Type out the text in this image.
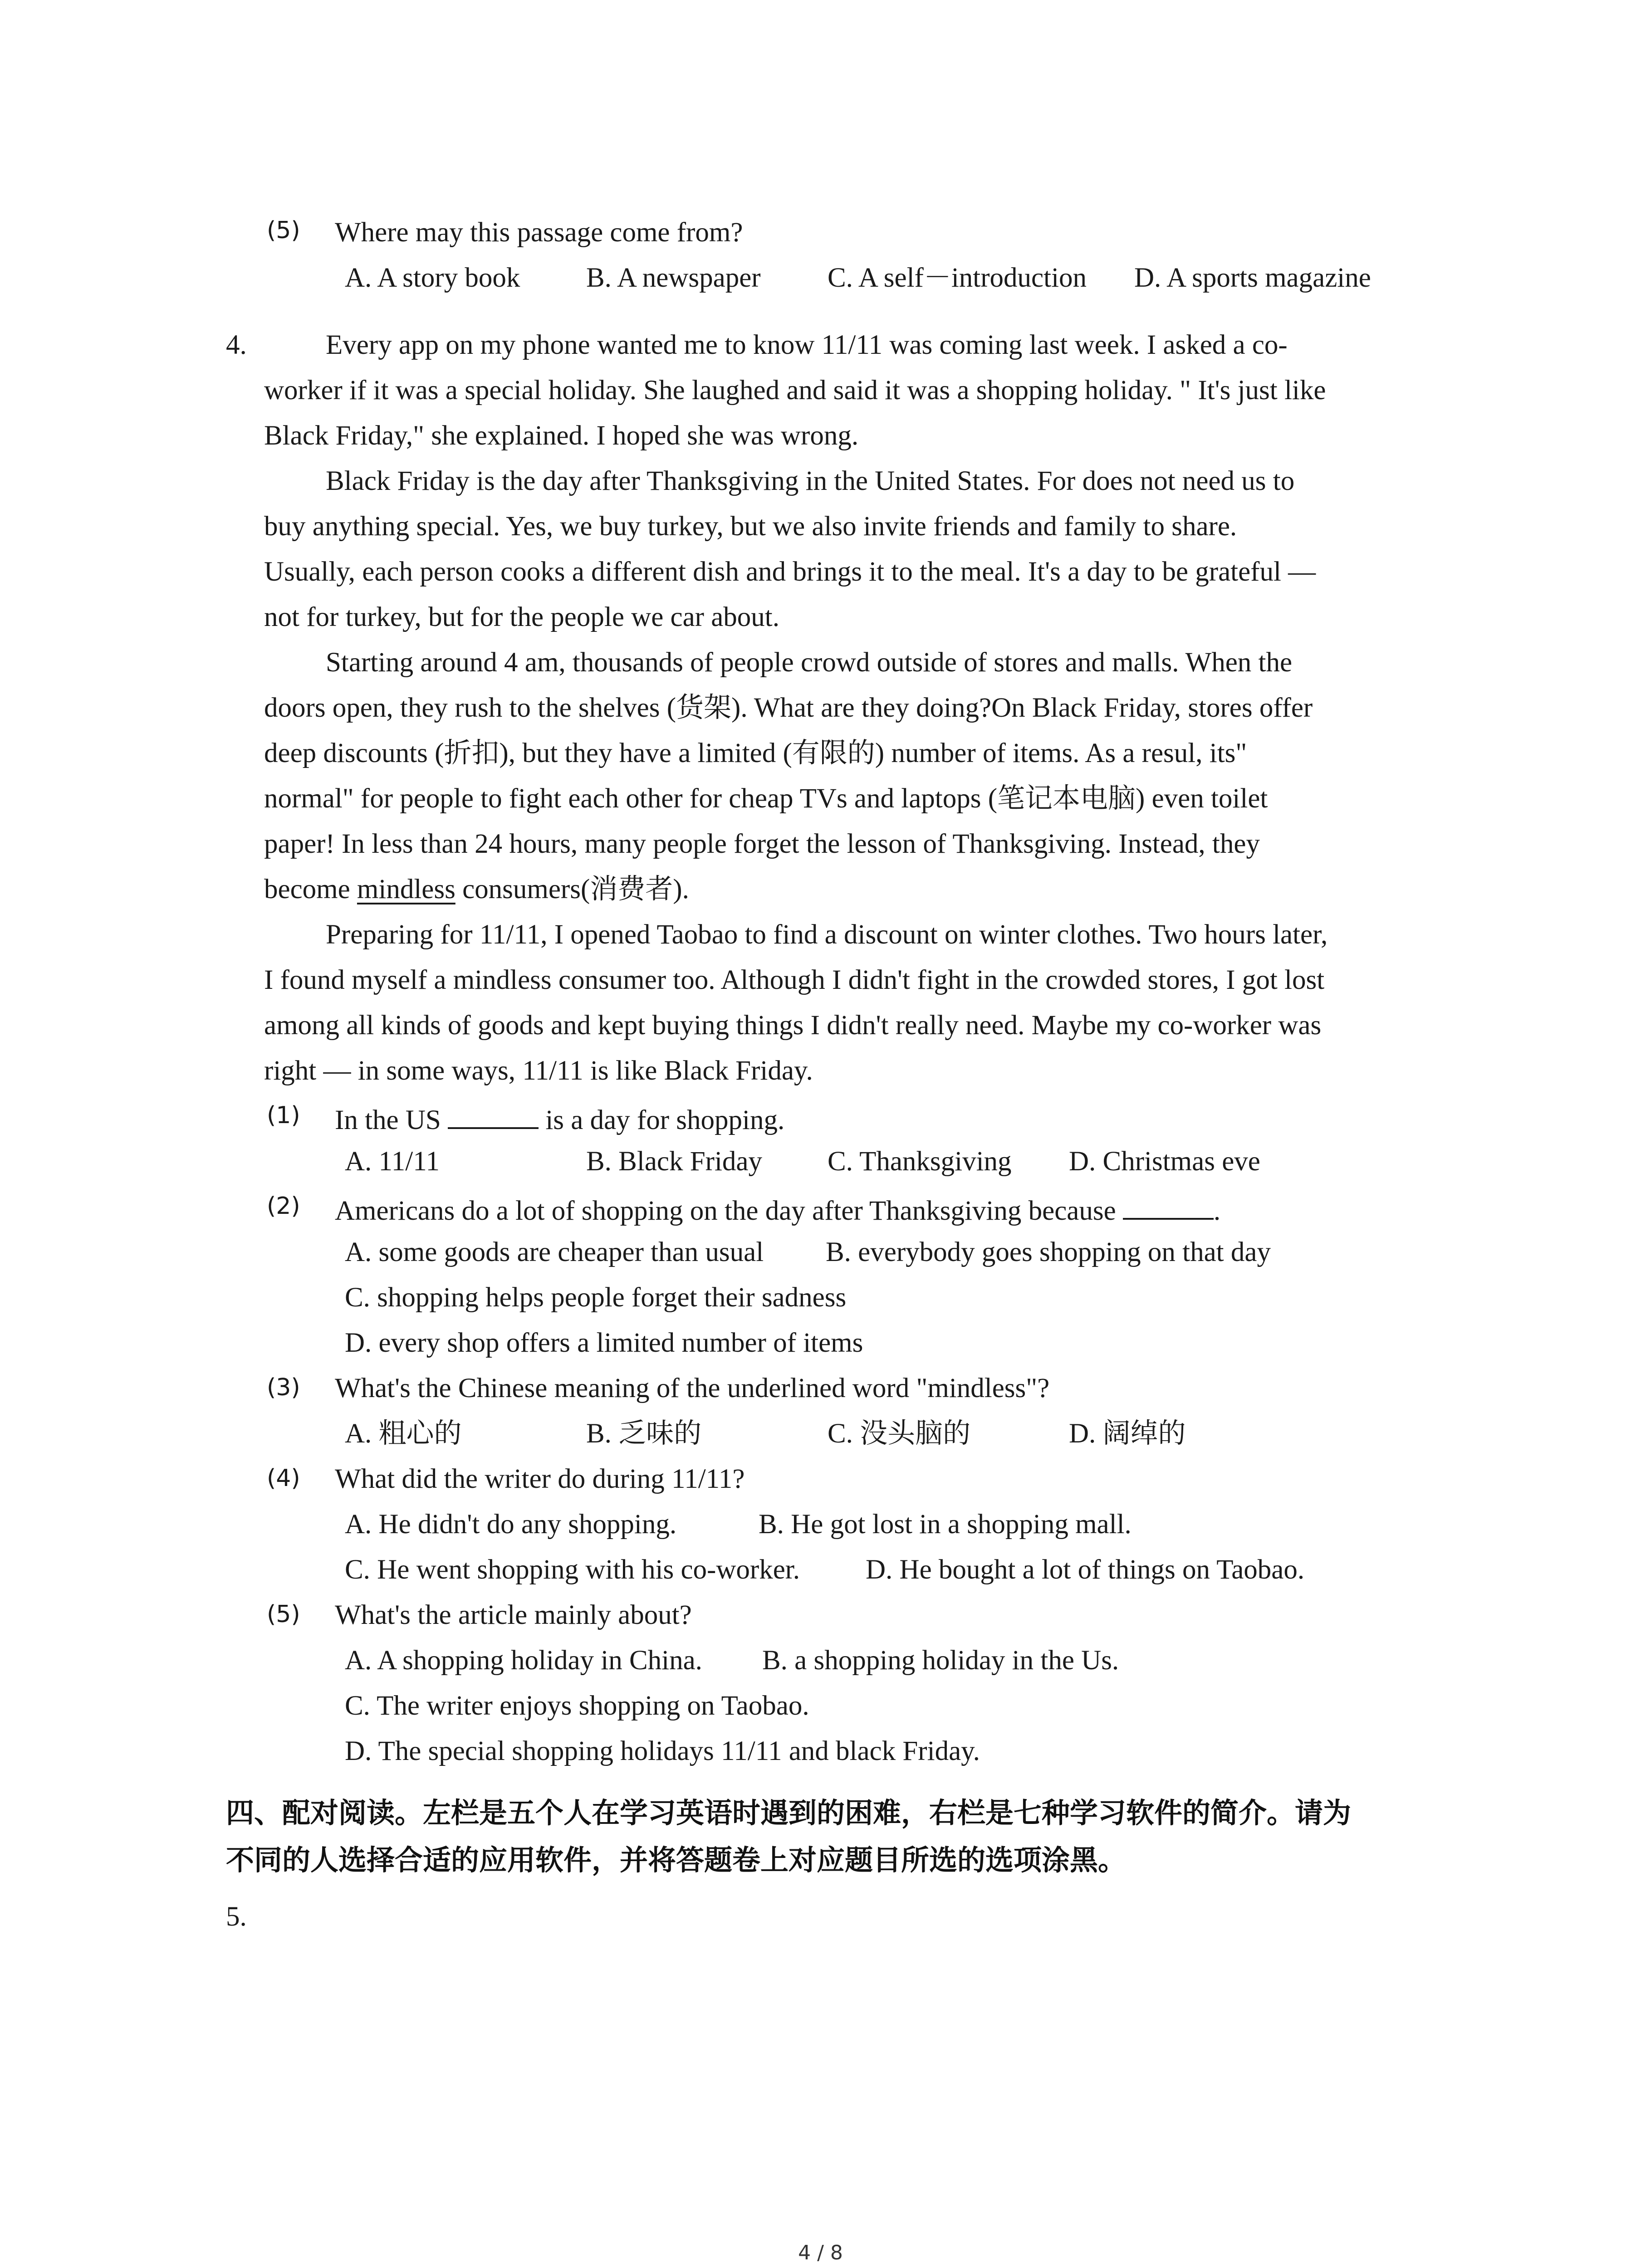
(5) Where may this passage come from?
A. A story book B. A newspaper C. A self－introduction D. A sports magazine
4.	Every app on my phone wanted me to know 11/11 was coming last week. I asked a co-
worker if it was a special holiday. She laughed and said it was a shopping holiday. " It's just like
Black Friday," she explained. I hoped she was wrong.
Black Friday is the day after Thanksgiving in the United States. For does not need us to
buy anything special. Yes, we buy turkey, but we also invite friends and family to share.
Usually, each person cooks a different dish and brings it to the meal. It's a day to be grateful —
not for turkey, but for the people we car about.
Starting around 4 am, thousands of people crowd outside of stores and malls. When the
doors open, they rush to the shelves (货架). What are they doing?On Black Friday, stores offer
deep discounts (折扣), but they have a limited (有限的) number of items. As a resul, its"
normal" for people to fight each other for cheap TVs and laptops (笔记本电脑) even toilet
paper! In less than 24 hours, many people forget the lesson of Thanksgiving. Instead, they
become mindless consumers(消费者).
Preparing for 11/11, I opened Taobao to find a discount on winter clothes. Two hours later,
I found myself a mindless consumer too. Although I didn't fight in the crowded stores, I got lost
among all kinds of goods and kept buying things I didn't really need. Maybe my co-worker was
right — in some ways, 11/11 is like Black Friday.
(1) In the US	is a day for shopping.
A. 11/11	B. Black Friday C. Thanksgiving D. Christmas eve
(2) Americans do a lot of shopping on the day after Thanksgiving because	.
A. some goods are cheaper than usual B. everybody goes shopping on that day
C. shopping helps people forget their sadness
D. every shop offers a limited number of items
(3) What's the Chinese meaning of the underlined word "mindless"?
A. 粗心的	B. 乏味的	C. 没头脑的	D. 阔绰的
(4) What did the writer do during 11/11?
A. He didn't do any shopping.	B. He got lost in a shopping mall.
C. He went shopping with his co-worker. D. He bought a lot of things on Taobao.
(5) What's the article mainly about?
A. A shopping holiday in China. B. a shopping holiday in the Us.
C. The writer enjoys shopping on Taobao.
D. The special shopping holidays 11/11 and black Friday.
四、配对阅读。左栏是五个人在学习英语时遇到的困难，右栏是七种学习软件的简介。请为
不同的人选择合适的应用软件，并将答题卷上对应题目所选的选项涂黑。
5.
4 / 8
